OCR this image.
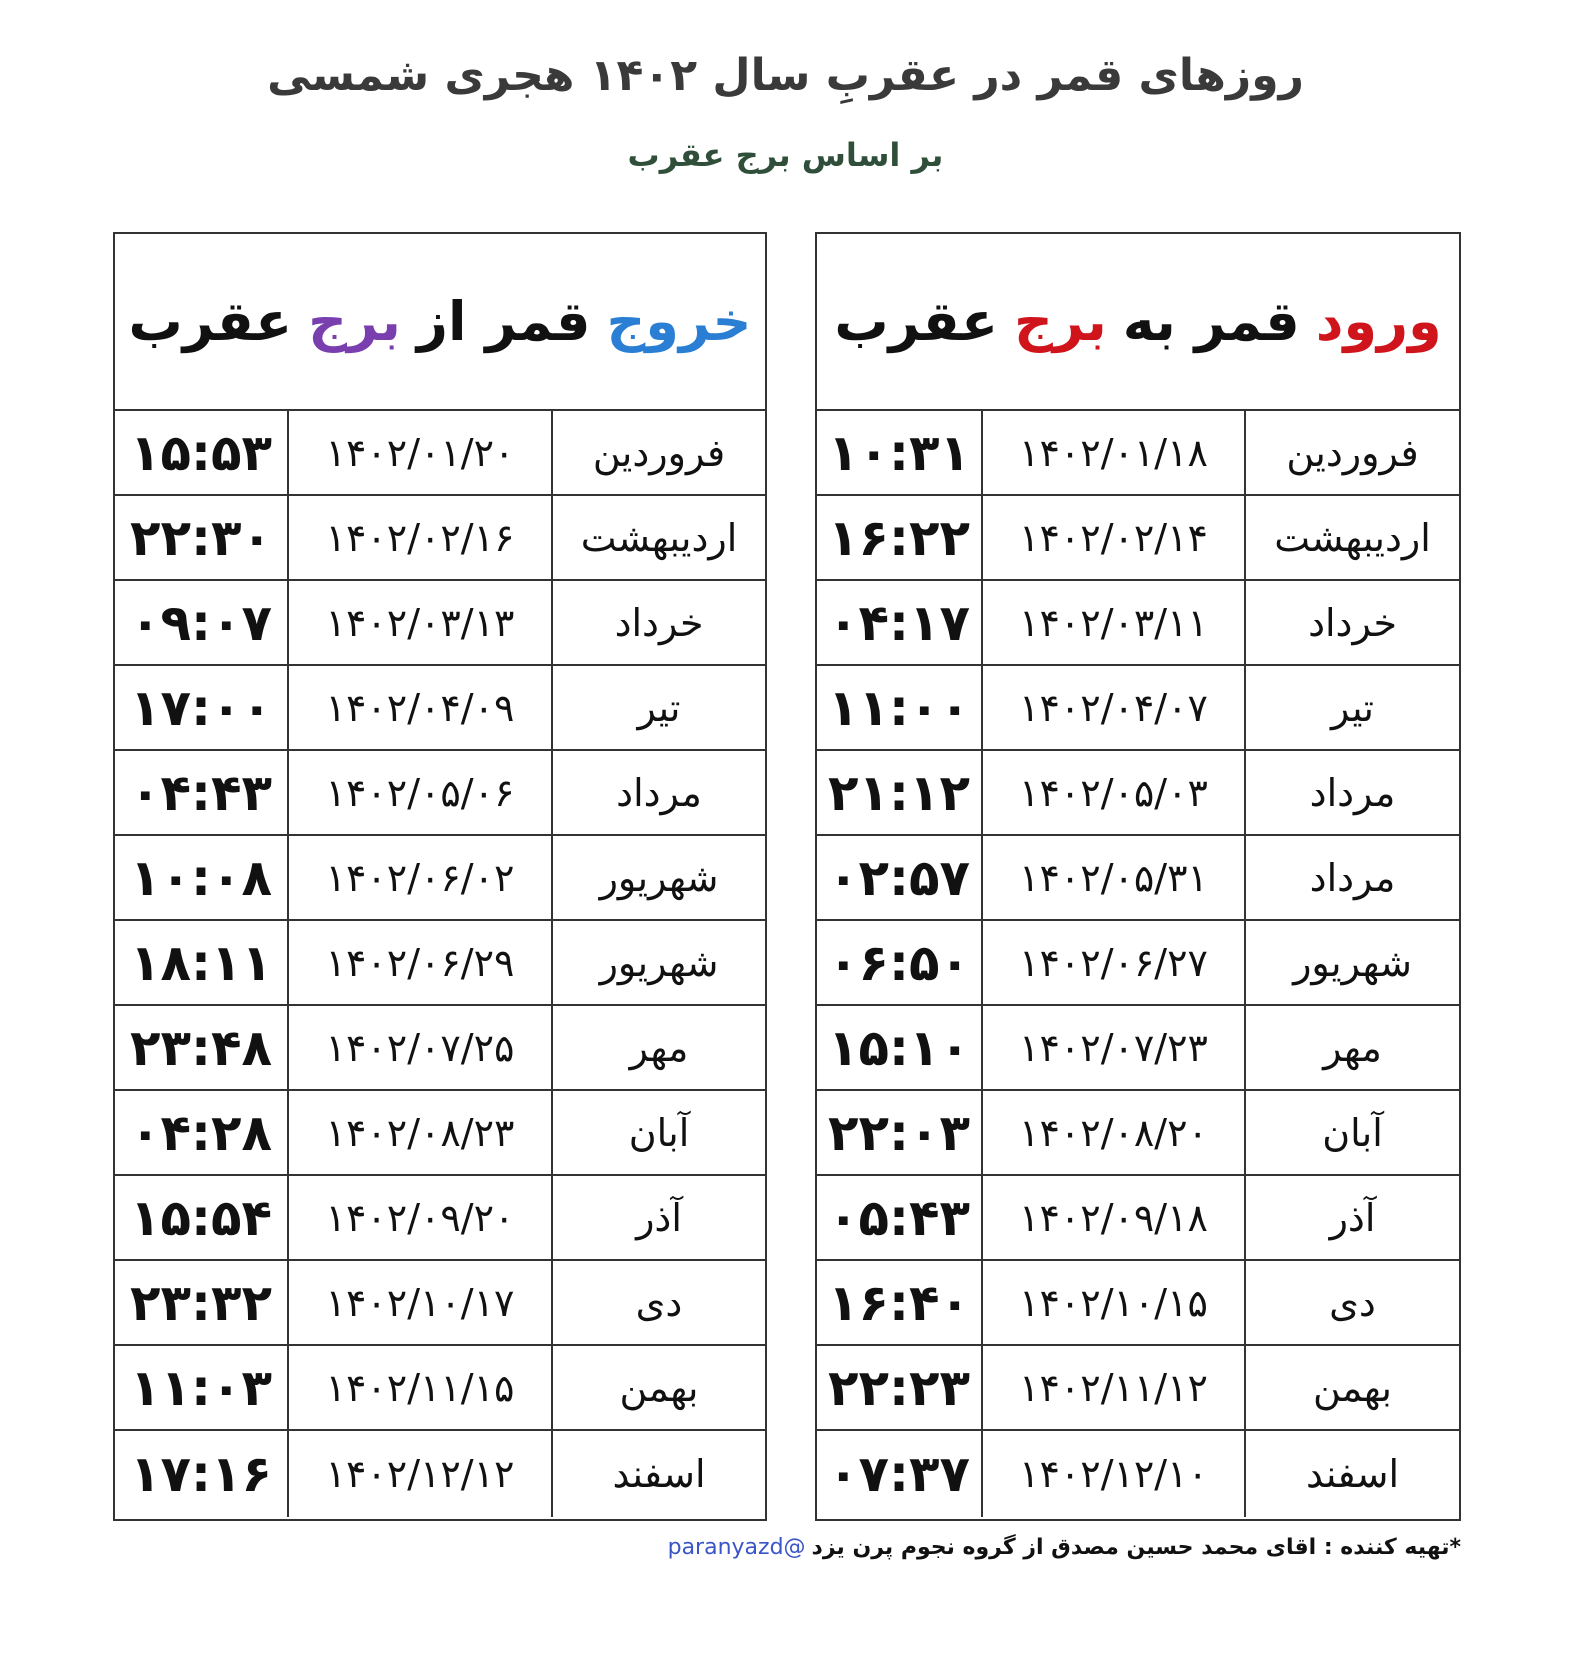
روزهای قمر در عقربِ سال ۱۴۰۲ هجری شمسی
بر اساس برج عقرب
ورود
قمر به
برج
عقرب
فروردین
۱۴۰۲/۰۱/۱۸
۱۰:۳۱
اردیبهشت
۱۴۰۲/۰۲/۱۴
۱۶:۲۲
خرداد
۱۴۰۲/۰۳/۱۱
۰۴:۱۷
تیر
۱۴۰۲/۰۴/۰۷
۱۱:۰۰
مرداد
۱۴۰۲/۰۵/۰۳
۲۱:۱۲
مرداد
۱۴۰۲/۰۵/۳۱
۰۲:۵۷
شهریور
۱۴۰۲/۰۶/۲۷
۰۶:۵۰
مهر
۱۴۰۲/۰۷/۲۳
۱۵:۱۰
آبان
۱۴۰۲/۰۸/۲۰
۲۲:۰۳
آذر
۱۴۰۲/۰۹/۱۸
۰۵:۴۳
دی
۱۴۰۲/۱۰/۱۵
۱۶:۴۰
بهمن
۱۴۰۲/۱۱/۱۲
۲۲:۲۳
اسفند
۱۴۰۲/۱۲/۱۰
۰۷:۳۷
خروج
قمر از
برج
عقرب
فروردین
۱۴۰۲/۰۱/۲۰
۱۵:۵۳
اردیبهشت
۱۴۰۲/۰۲/۱۶
۲۲:۳۰
خرداد
۱۴۰۲/۰۳/۱۳
۰۹:۰۷
تیر
۱۴۰۲/۰۴/۰۹
۱۷:۰۰
مرداد
۱۴۰۲/۰۵/۰۶
۰۴:۴۳
شهریور
۱۴۰۲/۰۶/۰۲
۱۰:۰۸
شهریور
۱۴۰۲/۰۶/۲۹
۱۸:۱۱
مهر
۱۴۰۲/۰۷/۲۵
۲۳:۴۸
آبان
۱۴۰۲/۰۸/۲۳
۰۴:۲۸
آذر
۱۴۰۲/۰۹/۲۰
۱۵:۵۴
دی
۱۴۰۲/۱۰/۱۷
۲۳:۳۲
بهمن
۱۴۰۲/۱۱/۱۵
۱۱:۰۳
اسفند
۱۴۰۲/۱۲/۱۲
۱۷:۱۶
*تهیه کننده : اقای محمد حسین مصدق از گروه نجوم پرن یزد
@paranyazd
